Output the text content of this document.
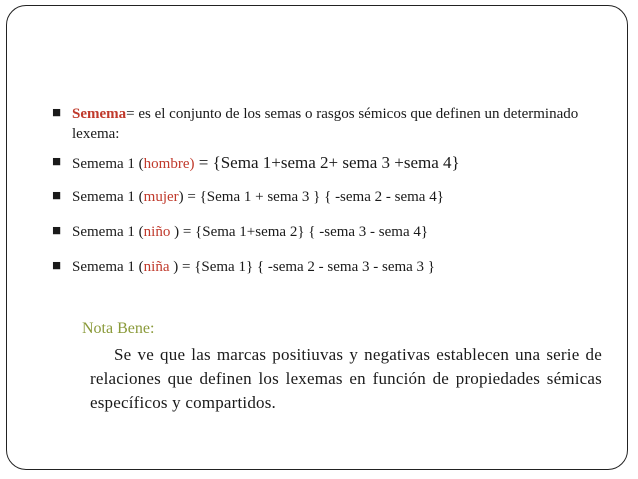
■ Semema= es el conjunto de los semas o rasgos sémicos que definen un determinado lexema:
■ Semema 1 (hombre) = {Sema 1+sema 2+ sema 3 +sema 4}
■ Semema 1 (mujer) = {Sema 1 + sema 3 } { -sema 2 - sema 4}
■ Semema 1 (niño ) = {Sema 1+sema 2} { -sema 3 - sema 4}
■ Semema 1 (niña ) = {Sema 1} { -sema 2 - sema 3 - sema 3 }
Nota Bene:
Se ve que las marcas positiuvas y negativas establecen una serie de relaciones que definen los lexemas en función de propiedades sémicas específicos y compartidos.
